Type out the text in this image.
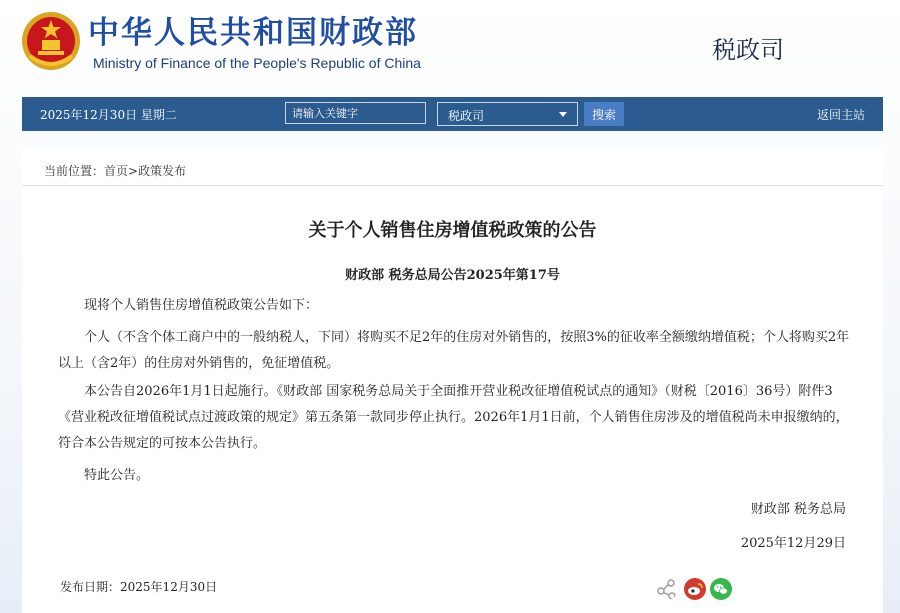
中华人民共和国财政部
Ministry of Finance of the People's Republic of China	税政司
2025年12月30日 星期二
请输入关键字	税政司	搜索	返回主站
当前位置：首页>政策发布
关于个人销售住房增值税政策的公告
财政部 税务总局公告2025年第17号

现将个人销售住房增值税政策公告如下：

个人（不含个体工商户中的一般纳税人，下同）将购买不足2年的住房对外销售的，按照3%的征收率全额缴纳增值税；个人将购买2年以上（含2年）的住房对外销售的，免征增值税。

本公告自2026年1月1日起施行。《财政部 国家税务总局关于全面推开营业税改征增值税试点的通知》（财税〔2016〕36号）附件3《营业税改征增值税试点过渡政策的规定》第五条第一款同步停止执行。2026年1月1日前，个人销售住房涉及的增值税尚未申报缴纳的，符合本公告规定的可按本公告执行。

特此公告。

财政部 税务总局
2025年12月29日
发布日期：2025年12月30日
